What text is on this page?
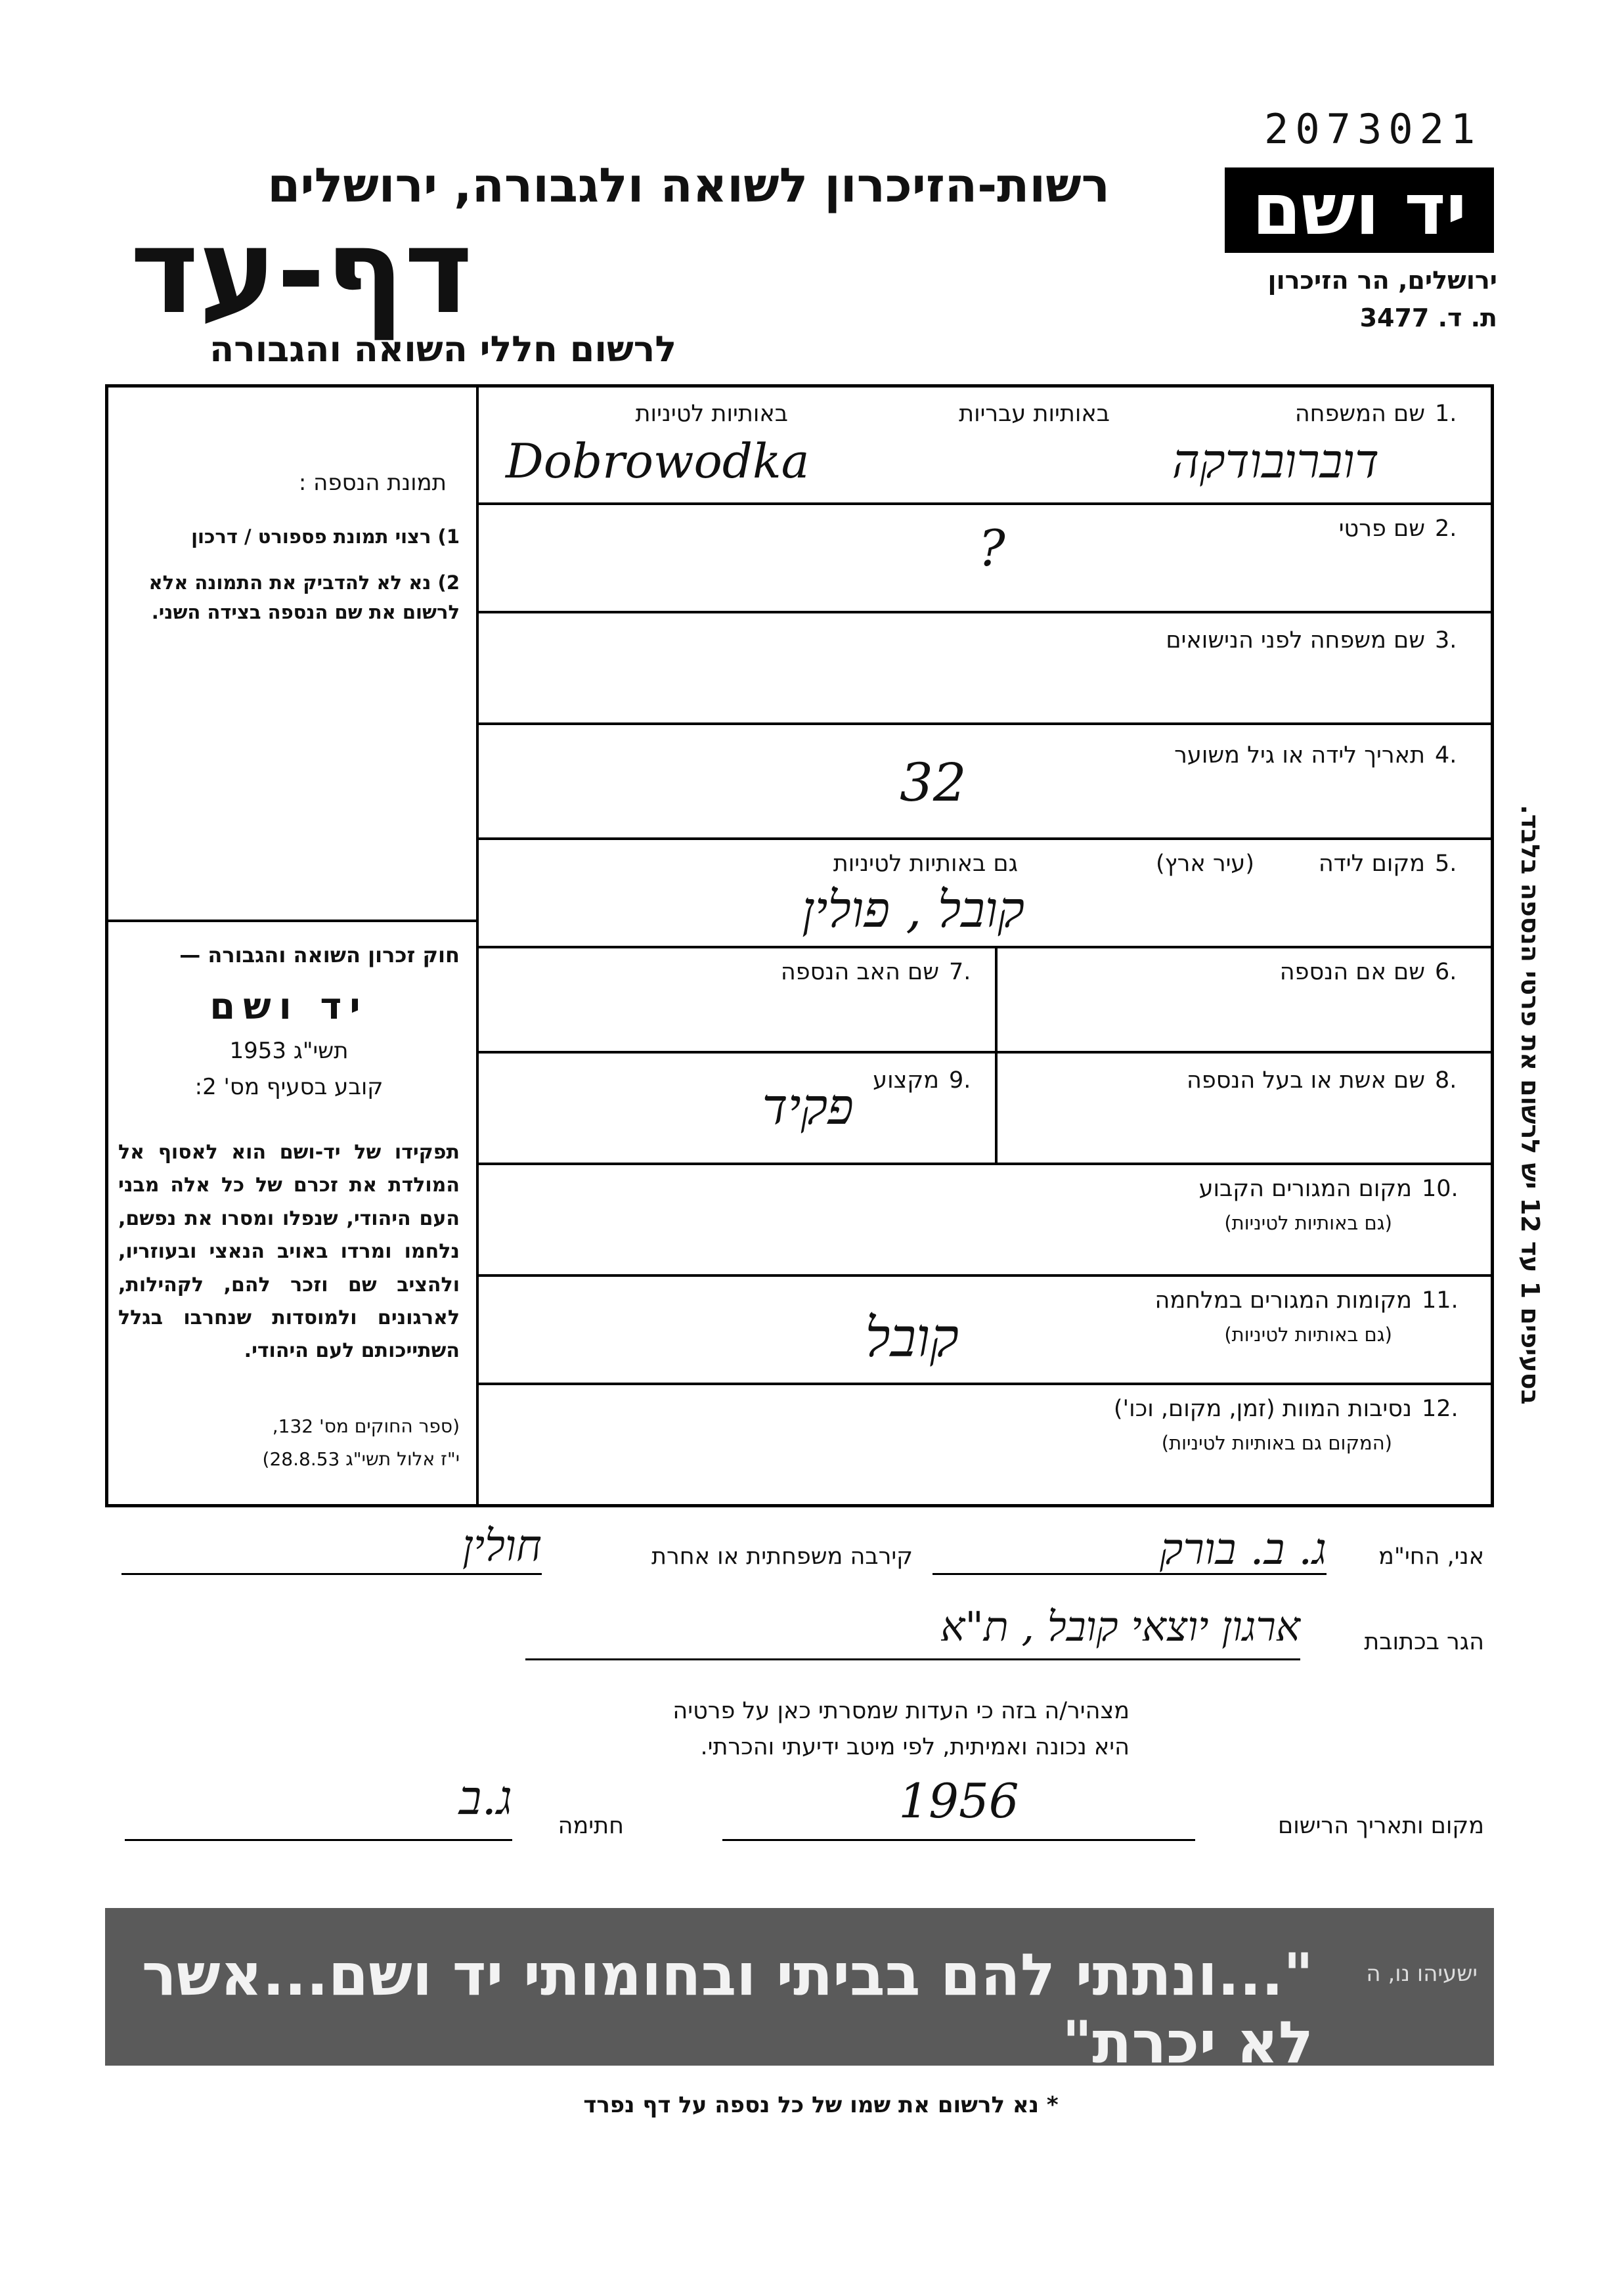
2073021
יד ושם
ירושלים, הר הזיכרון
ת. ד. 3477
רשות-הזיכרון לשואה ולגבורה, ירושלים
דף-עד
לרשום חללי השואה והגבורה
1.
שם המשפחה
באותיות עבריות
באותיות לטיניות
Dobrowodka	דוברובודקה
2.
שם פרטי
?
3.
שם משפחה לפני הנישואים
4.
תאריך לידה או גיל משוער
32
5.
מקום לידה
(עיר ארץ)
גם באותיות לטיניות
קובל , פולין
6.
שם אם הנספה
7.
שם האב הנספה
8.
שם אשת או בעל הנספה
9.
מקצוע
פקיד
10.
מקום המגורים הקבוע
(גם באותיות לטיניות)
11.
מקומות המגורים במלחמה
(גם באותיות לטיניות)
קובל
12.
נסיבות המוות (זמן, מקום, וכו')
(המקום גם באותיות לטיניות)
תמונת הנספה :
1) רצוי תמונת פספורט / דרכון
2) נא לא להדביק את התמונה אלא לרשום את שם הנספה בצידה השני.
חוק זכרון השואה והגבורה —
יד ושם
תשי"ג 1953
קובע בסעיף מס' 2:
תפקידו של יד-ושם הוא לאסוף אל המולדת את זכרם של כל אלה מבני העם היהודי, שנפלו ומסרו את נפשם, נלחמו ומרדו באויב הנאצי ובעוזריו, ולהציב שם וזכר להם, לקהילות, לארגונים ולמוסדות שנחרבו בגלל השתייכותם לעם היהודי.
(ספר החוקים מס' 132,
י"ז אלול תשי"ג 28.8.53)
בסעיפים 1 עד 12 יש לרשום את פרטי הנספה בלבד.
אני, החי"מ
ג. ב. בורק
קירבה משפחתית או אחרת
חולין
הגר בכתובת
ארגון יוצאי קובל , ת"א
מצהיר/ה בזה כי העדות שמסרתי כאן על פרטיה
היא נכונה ואמיתית, לפי מיטב ידיעתי והכרתי.
מקום ותאריך הרישום
1956
חתימה
ג.ב
"...ונתתי להם בביתי ובחומותי יד ושם...אשר לא יכרת"
ישעיהו נו, ה
* נא לרשום את שמו של כל נספה על דף נפרד
